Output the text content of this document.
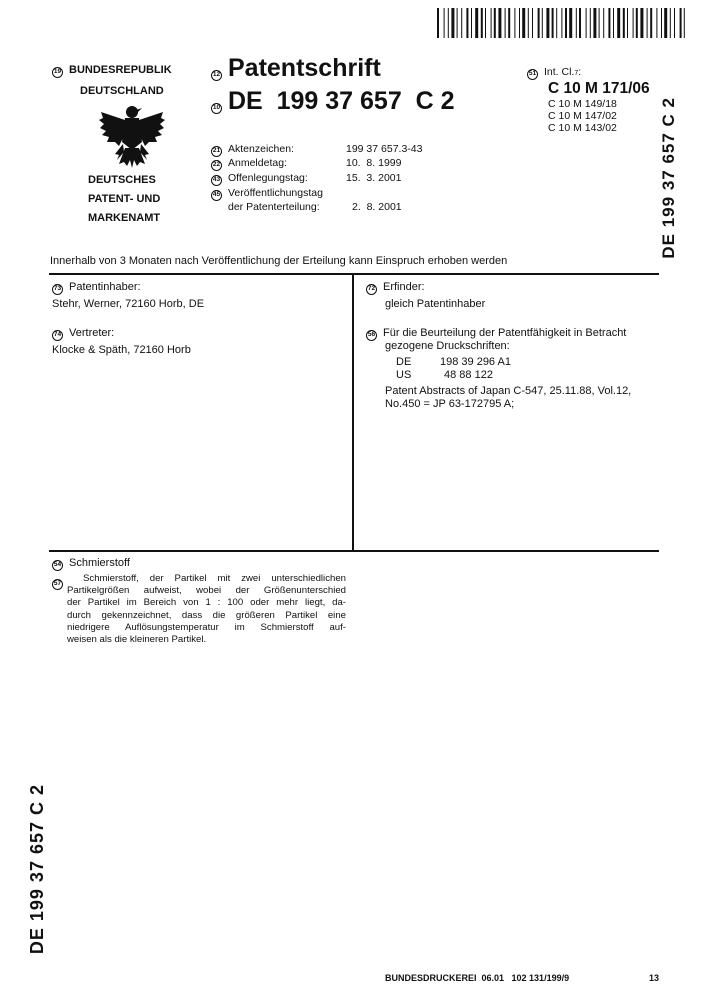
19 BUNDESREPUBLIK
DEUTSCHLAND
DEUTSCHES
PATENT- UND
MARKENAMT
12 Patentschrift
10 DE  199 37 657  C 2
51 Int. Cl. 7 :
C 10 M 171/06
C 10 M 149/18
C 10 M 147/02
C 10 M 143/02
21 Aktenzeichen:	199 37 657.3-43
22 Anmeldetag:	10.  8. 1999
43 Offenlegungstag:	15.  3. 2001
45 Veröffentlichungstag
der Patenterteilung:	2.  8. 2001	DE 199 37 657 C 2
Innerhalb von 3 Monaten nach Veröffentlichung der Erteilung kann Einspruch erhoben werden
73 Patentinhaber:
Stehr, Werner, 72160 Horb, DE
74 Vertreter:
Klocke & Späth, 72160 Horb
72 Erfinder:
gleich Patentinhaber
56 Für die Beurteilung der Patentfähigkeit in Betracht
gezogene Druckschriften:
DE	198 39 296 A1
US	48 88 122
Patent Abstracts of Japan C-547, 25.11.88, Vol.12,
No.450 = JP 63-172795 A;
54 Schmierstoff
57	Schmierstoff, der Partikel mit zwei unterschiedlichen
Partikelgrößen aufweist, wobei der Größenunterschied
der Partikel im Bereich von 1 : 100 oder mehr liegt, da-
durch gekennzeichnet, dass die größeren Partikel eine
niedrigere Auflösungstemperatur im Schmierstoff auf-
weisen als die kleineren Partikel.
DE 199 37 657 C 2
BUNDESDRUCKEREI  06.01   102 131/199/9	13
